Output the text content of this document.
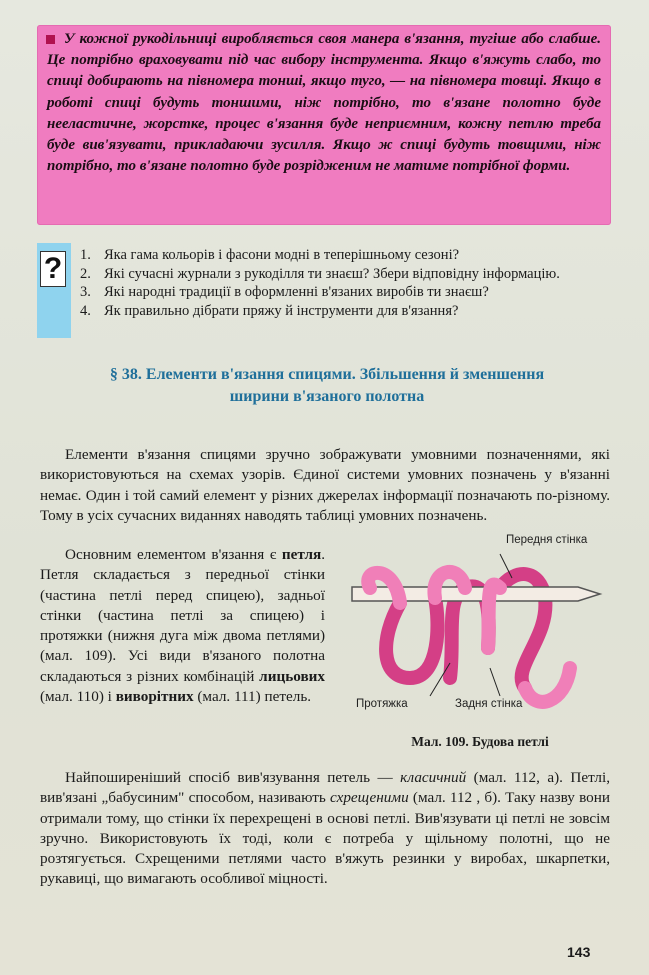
У кожної рукодільниці виробляється своя манера в'язання, тугіше або слабше. Це потрібно враховувати під час вибору інструмента. Якщо в'яжуть слабо, то спиці добирають на півномера тонші, якщо туго, — на півномера товщі. Якщо в роботі спиці будуть тоншими, ніж потрібно, то в'язане полотно буде нееластичне, жорстке, процес в'язання буде неприємним, кожну петлю треба буде вив'язувати, прикладаючи зусилля. Якщо ж спиці будуть товщими, ніж потрібно, то в'язане полотно буде розрідженим не матиме потрібної форми.

? 1. Яка гама кольорів і фасони модні в теперішньому сезоні?
2. Які сучасні журнали з рукоділля ти знаєш? Збери відповідну інформацію.
3. Які народні традиції в оформленні в'язаних виробів ти знаєш?
4. Як правильно дібрати пряжу й інструменти для в'язання?
§ 38. Елементи в'язання спицями. Збільшення й зменшення
ширини в'язаного полотна
Елементи в'язання спицями зручно зображувати умовними позначеннями, які використовуються на схемах узорів. Єдиної системи умовних позначень у в'язанні немає. Один і той самий елемент у різних джерелах інформації позначають по-різному. Тому в усіх сучасних виданнях наводять таблиці умовних позначень.
Основним елементом в'язання є петля. Петля складається з передньої стінки (частина петлі перед спицею), задньої стінки (частина петлі за спицею) і протяжки (нижня дуга між двома петлями) (мал. 109). Усі види в'язаного полотна складаються з різних комбінацій лицьових (мал. 110) і виворітних (мал. 111) петель.
Передня стінка
Протяжка	Задня стінка
Мал. 109. Будова петлі
Найпоширеніший спосіб вив'язування петель — класичний (мал. 112, а). Петлі, вив'язані „бабусиним" способом, називають схрещеними (мал. 112 , б). Таку назву вони отримали тому, що стінки їх перехрещені в основі петлі. Вив'язувати ці петлі не зовсім зручно. Використовують їх тоді, коли є потреба у щільному полотні, що не розтягується. Схрещеними петлями часто в'яжуть резинки у виробах, шкарпетки, рукавиці, що вимагають особливої міцності.
143
